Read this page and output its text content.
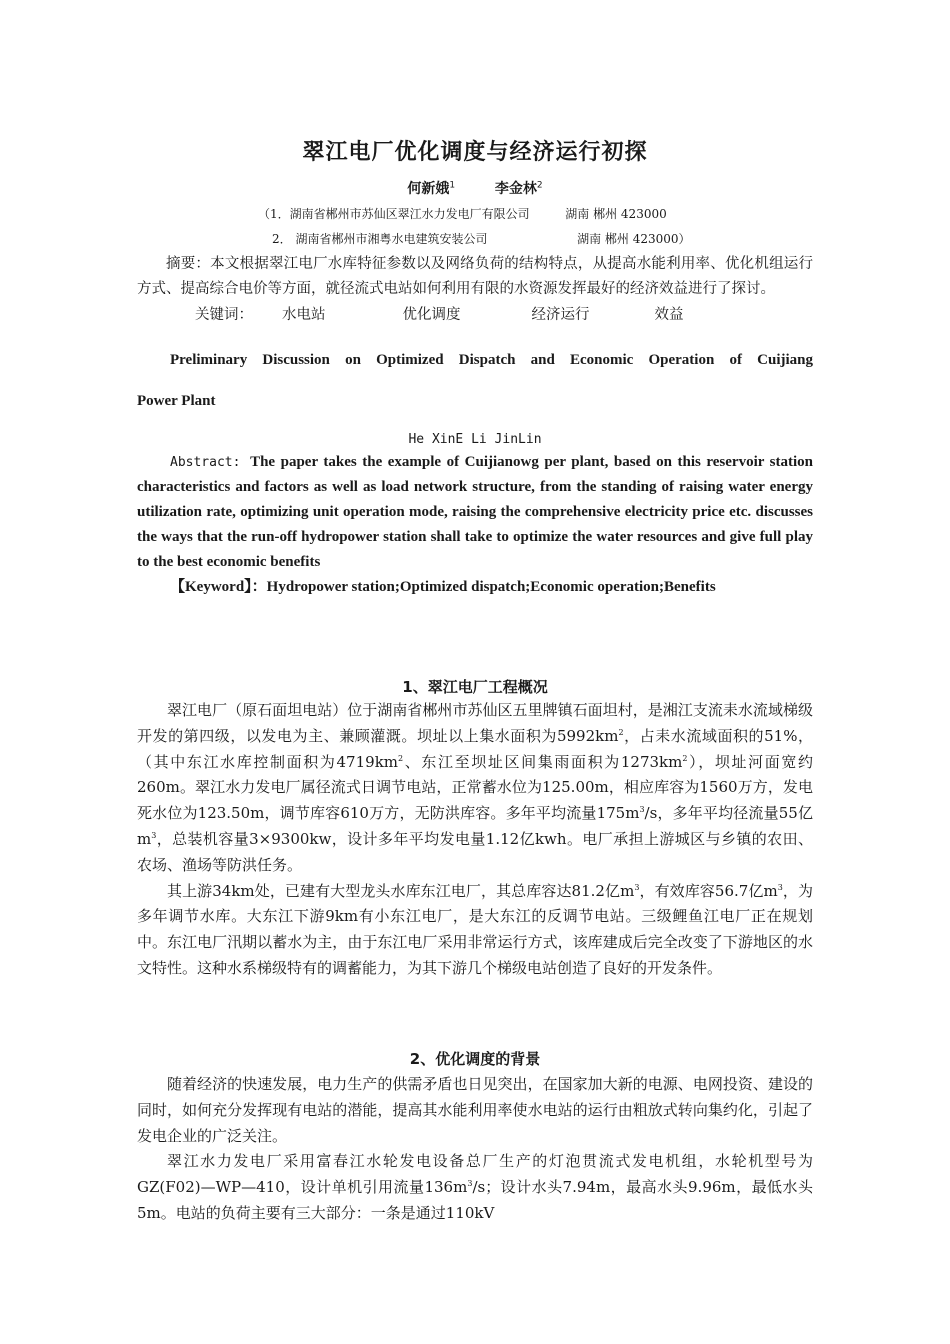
翠江电厂优化调度与经济运行初探
何新娥$^1$	李金林$^2$
（1．湖南省郴州市苏仙区翠江水力发电厂有限公司	湖南 郴州 423000
2． 湖南省郴州市湘粤水电建筑安装公司	湖南 郴州 423000）

摘要：本文根据翠江电厂水库特征参数以及网络负荷的结构特点，从提高水能利用率、优化机组运行方式、提高综合电价等方面，就径流式电站如何利用有限的水资源发挥最好的经济效益进行了探讨。

关键词： 水电站	优化调度	经济运行	效益

Preliminary Discussion on Optimized Dispatch and Economic Operation of Cuijiang

Power Plant

He XinE Li JinLin

Abstract: The paper takes the example of Cuijianowg per plant, based on this reservoir station characteristics and factors as well as load network structure, from the standing of raising water energy utilization rate, optimizing unit operation mode, raising the comprehensive electricity price etc. discusses the ways that the run-off hydropower station shall take to optimize the water resources and give full play to the best economic benefits

【Keyword】：Hydropower station;Optimized dispatch;Economic operation;Benefits

1、翠江电厂工程概况

翠江电厂（原石面坦电站）位于湖南省郴州市苏仙区五里牌镇石面坦村，是湘江支流耒水流域梯级开发的第四级，以发电为主、兼顾灌溉。坝址以上集水面积为$5992km^2$，占耒水流域面积的51%，（其中东江水库控制面积为$4719km^2$、东江至坝址区间集雨面积为$1273km^2$），坝址河面宽约260m。翠江水力发电厂属径流式日调节电站，正常蓄水位为125.00m，相应库容为1560万方，发电死水位为123.50m，调节库容610万方，无防洪库容。多年平均流量$175m^3/s$，多年平均径流量55亿$m^3$，总装机容量3×9300kw，设计多年平均发电量1.12亿kwh。电厂承担上游城区与乡镇的农田、农场、渔场等防洪任务。

其上游34km处，已建有大型龙头水库东江电厂，其总库容达81.2亿$m^3$，有效库容56.7亿$m^3$，为多年调节水库。大东江下游9km有小东江电厂，是大东江的反调节电站。三级鲤鱼江电厂正在规划中。东江电厂汛期以蓄水为主，由于东江电厂采用非常运行方式，该库建成后完全改变了下游地区的水文特性。这种水系梯级特有的调蓄能力，为其下游几个梯级电站创造了良好的开发条件。

2、优化调度的背景

随着经济的快速发展，电力生产的供需矛盾也日见突出，在国家加大新的电源、电网投资、建设的同时，如何充分发挥现有电站的潜能，提高其水能利用率使水电站的运行由粗放式转向集约化，引起了发电企业的广泛关注。

翠江水力发电厂采用富春江水轮发电设备总厂生产的灯泡贯流式发电机组，水轮机型号为GZ(F02)—WP—410，设计单机引用流量$136m^3/s$；设计水头7.94m，最高水头9.96m，最低水头5m。电站的负荷主要有三大部分：一条是通过110kV
